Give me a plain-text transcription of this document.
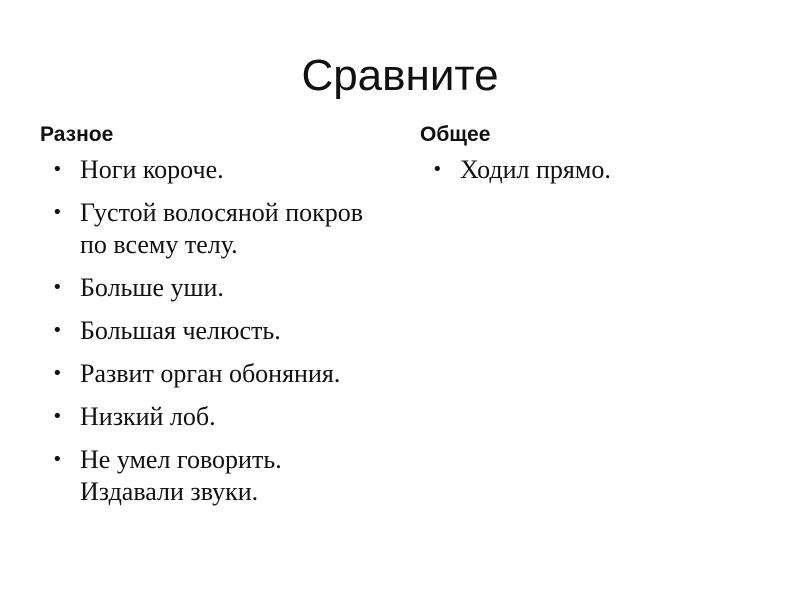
Сравните
Разное
• Ноги короче.
• Густой волосяной покров по всему телу.
• Больше уши.
• Большая челюсть.
• Развит орган обоняния.
• Низкий лоб.
• Не умел говорить. Издавали звуки.
Общее
• Ходил прямо.
